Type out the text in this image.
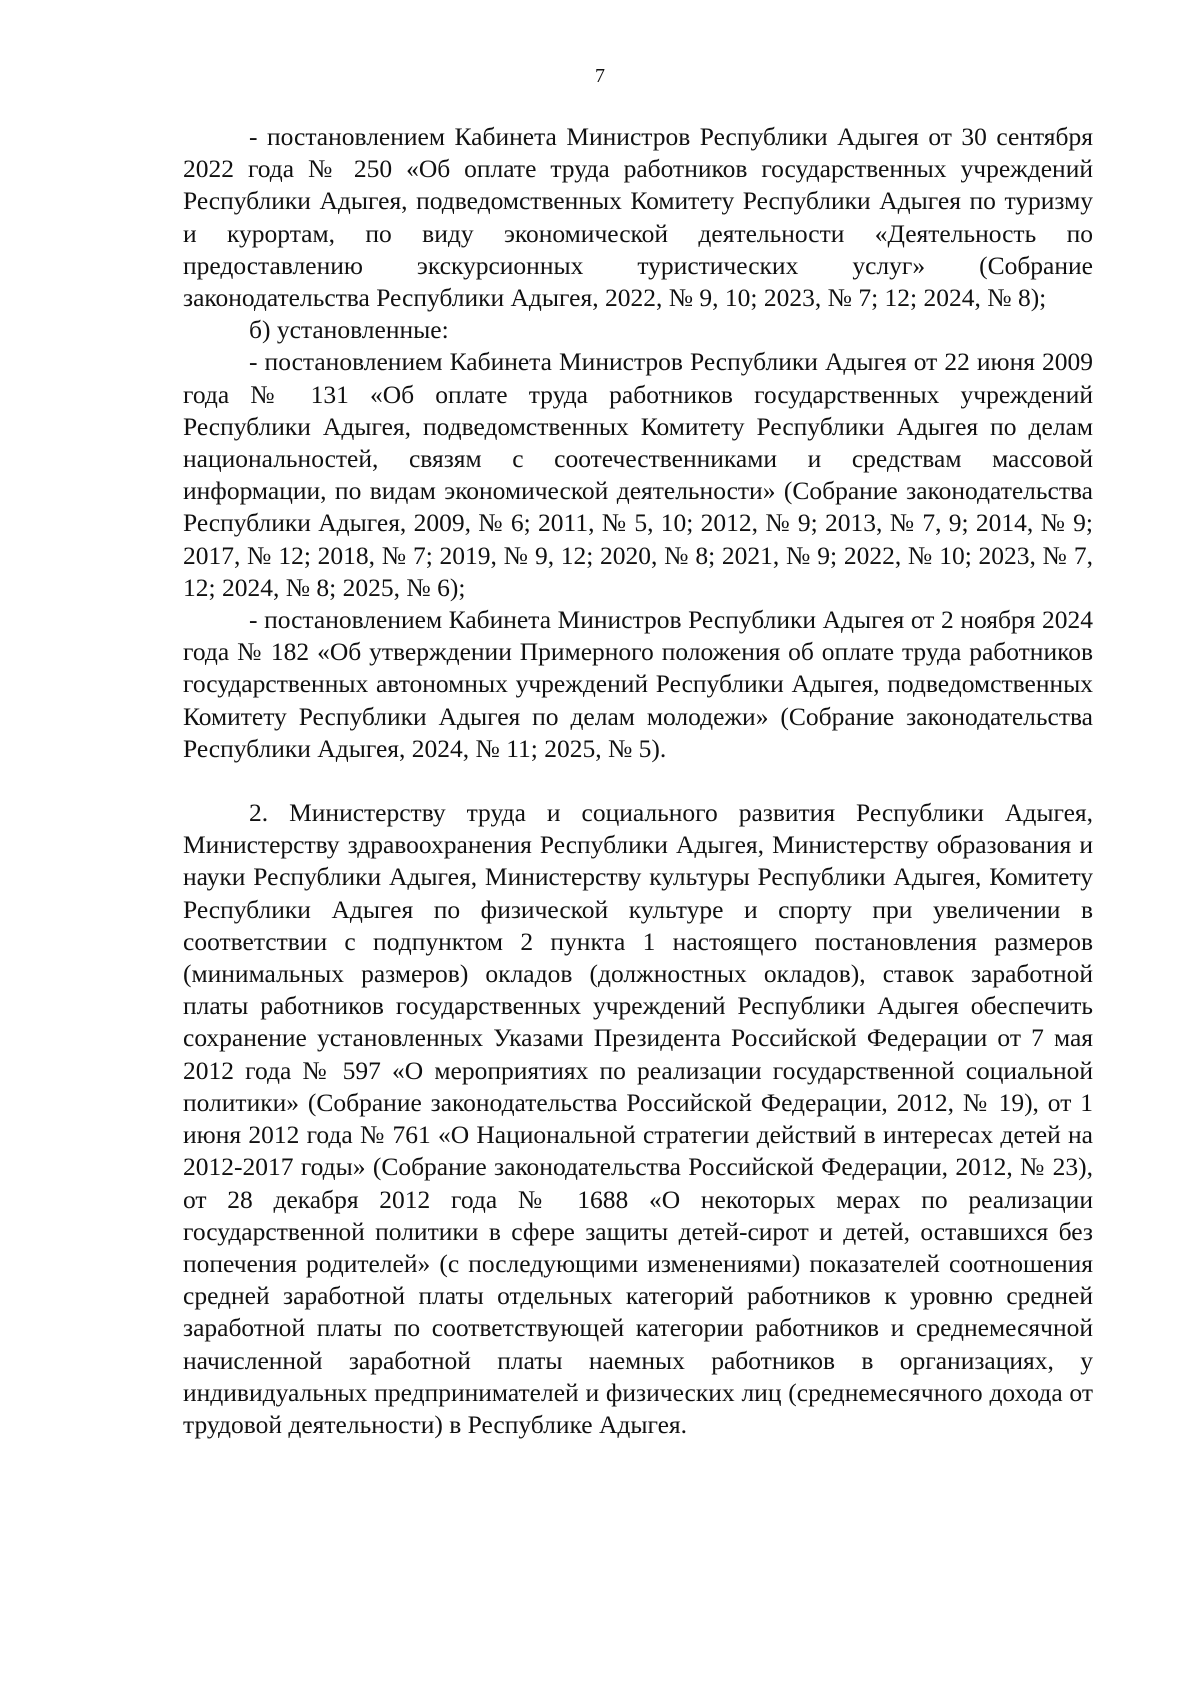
7

- постановлением Кабинета Министров Республики Адыгея от 30 сентября 2022 года № 250 «Об оплате труда работников государственных учреждений Республики Адыгея, подведомственных Комитету Республики Адыгея по туризму и курортам, по виду экономической деятельности «Деятельность по предоставлению экскурсионных туристических услуг» (Собрание законодательства Республики Адыгея, 2022, № 9, 10; 2023, № 7; 12; 2024, № 8);

б) установленные:

- постановлением Кабинета Министров Республики Адыгея от 22 июня 2009 года № 131 «Об оплате труда работников государственных учреждений Республики Адыгея, подведомственных Комитету Республики Адыгея по делам национальностей, связям с соотечественниками и средствам массовой информации, по видам экономической деятельности» (Собрание законодательства Республики Адыгея, 2009, № 6; 2011, № 5, 10; 2012, № 9; 2013, № 7, 9; 2014, № 9; 2017, № 12; 2018, № 7; 2019, № 9, 12; 2020, № 8; 2021, № 9; 2022, № 10; 2023, № 7, 12; 2024, № 8; 2025, № 6);

- постановлением Кабинета Министров Республики Адыгея от 2 ноября 2024 года № 182 «Об утверждении Примерного положения об оплате труда работников государственных автономных учреждений Республики Адыгея, подведомственных Комитету Республики Адыгея по делам молодежи» (Собрание законодательства Республики Адыгея, 2024, № 11; 2025, № 5).

2. Министерству труда и социального развития Республики Адыгея, Министерству здравоохранения Республики Адыгея, Министерству образования и науки Республики Адыгея, Министерству культуры Республики Адыгея, Комитету Республики Адыгея по физической культуре и спорту при увеличении в соответствии с подпунктом 2 пункта 1 настоящего постановления размеров (минимальных размеров) окладов (должностных окладов), ставок заработной платы работников государственных учреждений Республики Адыгея обеспечить сохранение установленных Указами Президента Российской Федерации от 7 мая 2012 года № 597 «О мероприятиях по реализации государственной социальной политики» (Собрание законодательства Российской Федерации, 2012, № 19), от 1 июня 2012 года № 761 «О Национальной стратегии действий в интересах детей на 2012-2017 годы» (Собрание законодательства Российской Федерации, 2012, № 23), от 28 декабря 2012 года № 1688 «О некоторых мерах по реализации государственной политики в сфере защиты детей-сирот и детей, оставшихся без попечения родителей» (с последующими изменениями) показателей соотношения средней заработной платы отдельных категорий работников к уровню средней заработной платы по соответствующей категории работников и среднемесячной начисленной заработной платы наемных работников в организациях, у индивидуальных предпринимателей и физических лиц (среднемесячного дохода от трудовой деятельности) в Республике Адыгея.
